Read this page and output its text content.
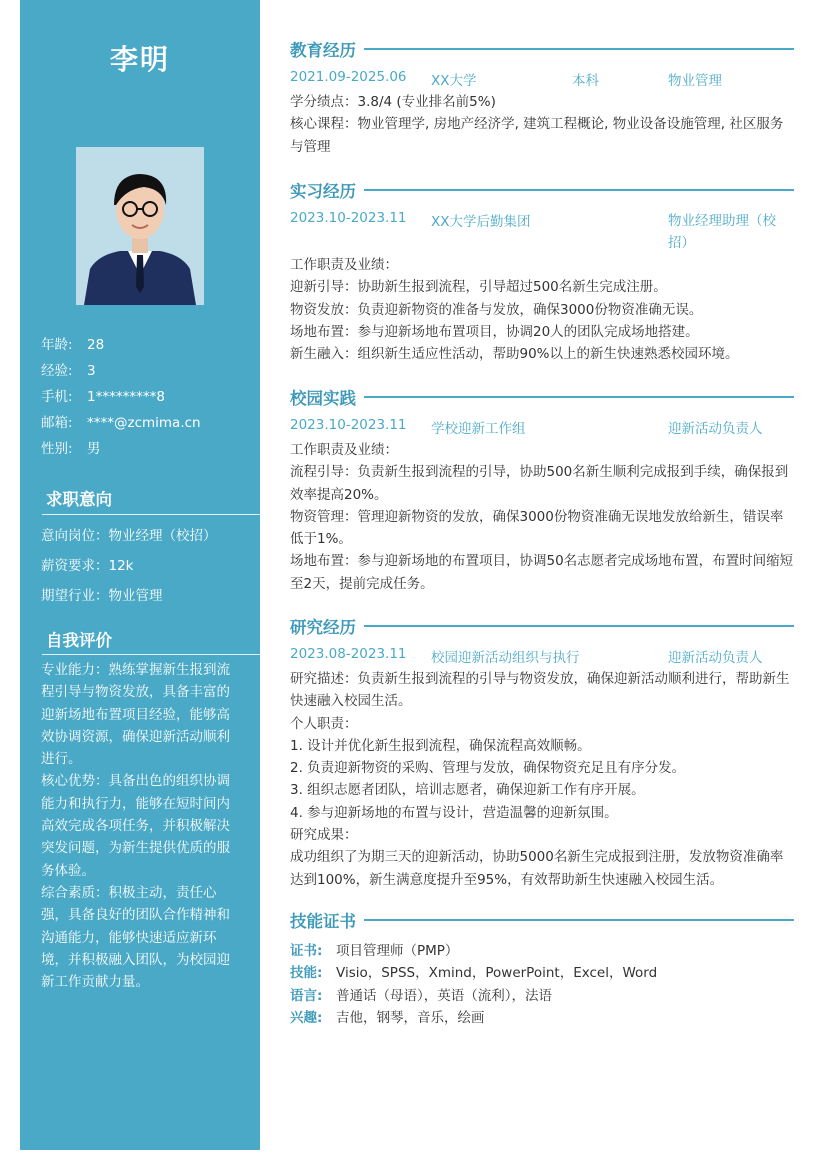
李明
年龄: 28
经验: 3
手机: 1*********8
邮箱: ****@zcmima.cn
性别: 男
求职意向
意向岗位：物业经理（校招）
薪资要求：12k
期望行业：物业管理
自我评价
专业能力：熟练掌握新生报到流程引导与物资发放，具备丰富的迎新场地布置项目经验，能够高效协调资源，确保迎新活动顺利进行。
核心优势：具备出色的组织协调能力和执行力，能够在短时间内高效完成各项任务，并积极解决突发问题，为新生提供优质的服务体验。
综合素质：积极主动，责任心强，具备良好的团队合作精神和沟通能力，能够快速适应新环境，并积极融入团队，为校园迎新工作贡献力量。
教育经历
2021.09-2025.06 XX大学	本科	物业管理
学分绩点：3.8/4 (专业排名前5%)
核心课程：物业管理学, 房地产经济学, 建筑工程概论, 物业设备设施管理, 社区服务与管理
实习经历
2023.10-2023.11 XX大学后勤集团	物业经理助理（校招）
工作职责及业绩：
迎新引导：协助新生报到流程，引导超过500名新生完成注册。
物资发放：负责迎新物资的准备与发放，确保3000份物资准确无误。
场地布置：参与迎新场地布置项目，协调20人的团队完成场地搭建。
新生融入：组织新生适应性活动，帮助90%以上的新生快速熟悉校园环境。
校园实践
2023.10-2023.11 学校迎新工作组	迎新活动负责人
工作职责及业绩：
流程引导：负责新生报到流程的引导，协助500名新生顺利完成报到手续，确保报到效率提高20%。
物资管理：管理迎新物资的发放，确保3000份物资准确无误地发放给新生，错误率低于1%。
场地布置：参与迎新场地的布置项目，协调50名志愿者完成场地布置，布置时间缩短至2天，提前完成任务。
研究经历
2023.08-2023.11 校园迎新活动组织与执行	迎新活动负责人
研究描述：负责新生报到流程的引导与物资发放，确保迎新活动顺利进行，帮助新生快速融入校园生活。
个人职责：
1. 设计并优化新生报到流程，确保流程高效顺畅。
2. 负责迎新物资的采购、管理与发放，确保物资充足且有序分发。
3. 组织志愿者团队，培训志愿者，确保迎新工作有序开展。
4. 参与迎新场地的布置与设计，营造温馨的迎新氛围。
研究成果：
成功组织了为期三天的迎新活动，协助5000名新生完成报到注册，发放物资准确率达到100%，新生满意度提升至95%，有效帮助新生快速融入校园生活。
技能证书
证书: 项目管理师（PMP）
技能: Visio，SPSS，Xmind，PowerPoint，Excel，Word
语言: 普通话（母语），英语（流利），法语
兴趣: 吉他，钢琴，音乐，绘画
